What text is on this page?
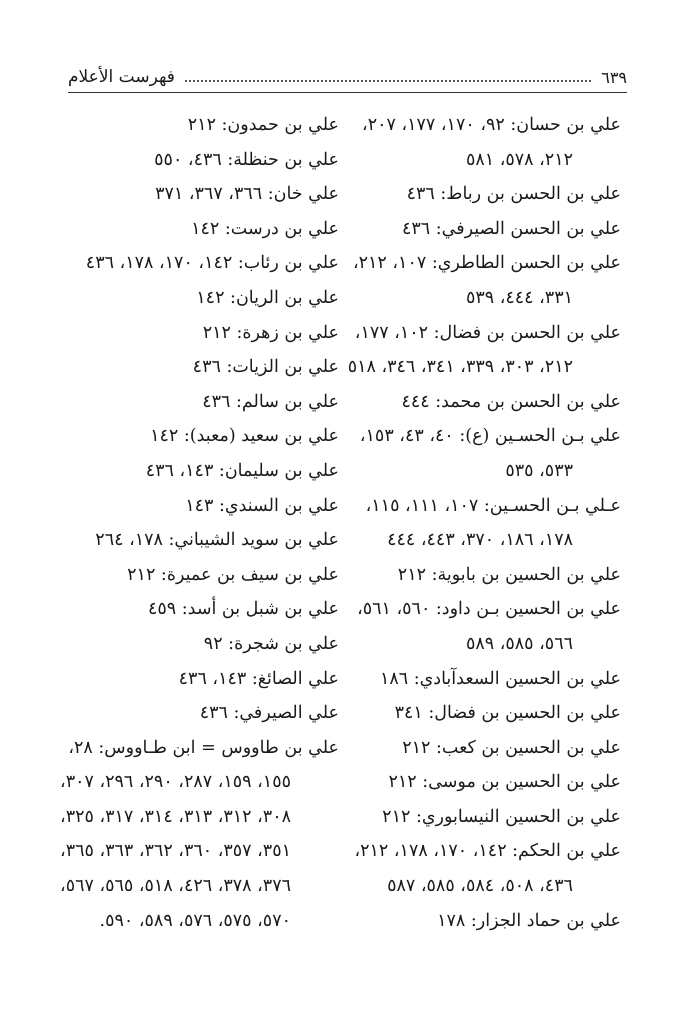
فهرست الأعلام	٦٣٩
علي بن حسان: ٩٢، ١٧٠، ١٧٧، ٢٠٧،
٢١٢، ٥٧٨، ٥٨١
علي بن الحسن بن رباط: ٤٣٦
علي بن الحسن الصيرفي: ٤٣٦
علي بن الحسن الطاطري: ١٠٧، ٢١٢،
٣٣١، ٤٤٤، ٥٣٩
علي بن الحسن بن فضال: ١٠٢، ١٧٧،
٢١٢، ٣٠٣، ٣٣٩، ٣٤١، ٣٤٦، ٥١٨
علي بن الحسن بن محمد: ٤٤٤
علي بـن الحسـين (ع): ٤٠، ٤٣، ١٥٣،
٥٣٣، ٥٣٥
عـلي بـن الحسـين: ١٠٧، ١١١، ١١٥،
١٧٨، ١٨٦، ٣٧٠، ٤٤٣، ٤٤٤
علي بن الحسين بن بابوية: ٢١٢
علي بن الحسين بـن داود: ٥٦٠، ٥٦١،
٥٦٦، ٥٨٥، ٥٨٩
علي بن الحسين السعدآبادي: ١٨٦
علي بن الحسين بن فضال: ٣٤١
علي بن الحسين بن كعب: ٢١٢
علي بن الحسين بن موسى: ٢١٢
علي بن الحسين النيسابوري: ٢١٢
علي بن الحكم: ١٤٢، ١٧٠، ١٧٨، ٢١٢،
٤٣٦، ٥٠٨، ٥٨٤، ٥٨٥، ٥٨٧
علي بن حماد الجزار: ١٧٨
علي بن حمدون: ٢١٢
علي بن حنظلة: ٤٣٦، ٥٥٠
علي خان: ٣٦٦، ٣٦٧، ٣٧١
علي بن درست: ١٤٢
علي بن رئاب: ١٤٢، ١٧٠، ١٧٨، ٤٣٦
علي بن الريان: ١٤٢
علي بن زهرة: ٢١٢
علي بن الزيات: ٤٣٦
علي بن سالم: ٤٣٦
علي بن سعيد (معبد): ١٤٢
علي بن سليمان: ١٤٣، ٤٣٦
علي بن السندي: ١٤٣
علي بن سويد الشيباني: ١٧٨، ٢٦٤
علي بن سيف بن عميرة: ٢١٢
علي بن شبل بن أسد: ٤٥٩
علي بن شجرة: ٩٢
علي الصائغ: ١٤٣، ٤٣٦
علي الصيرفي: ٤٣٦
علي بن طاووس = ابن طـاووس: ٢٨،
١٥٥، ١٥٩، ٢٨٧، ٢٩٠، ٢٩٦، ٣٠٧،
٣٠٨، ٣١٢، ٣١٣، ٣١٤، ٣١٧، ٣٢٥،
٣٥١، ٣٥٧، ٣٦٠، ٣٦٢، ٣٦٣، ٣٦٥،
٣٧٦، ٣٧٨، ٤٢٦، ٥١٨، ٥٦٥، ٥٦٧،
٥٧٠، ٥٧٥، ٥٧٦، ٥٨٩، ٥٩٠.
